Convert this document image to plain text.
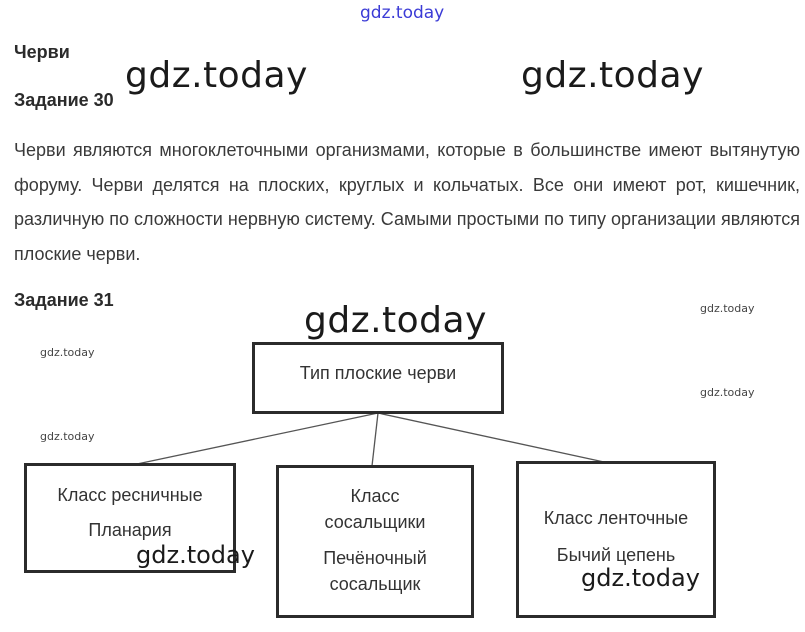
gdz.today
gdz.today	gdz.today
gdz.today
gdz.today
gdz.today
gdz.today
gdz.today
Черви
Задание 30

Черви являются многоклеточными организмами, которые в большинстве имеют вытянутую форуму. Черви делятся на плоских, круглых и кольчатых. Все они имеют рот, кишечник, различную по сложности нервную систему. Самыми простыми по типу организации являются плоские черви.

Задание 31
Тип плоские черви
Класс ресничные
Планария
Класс
сосальщики
Печёночный
сосальщик
Класс ленточные
Бычий цепень
gdz.today
gdz.today
